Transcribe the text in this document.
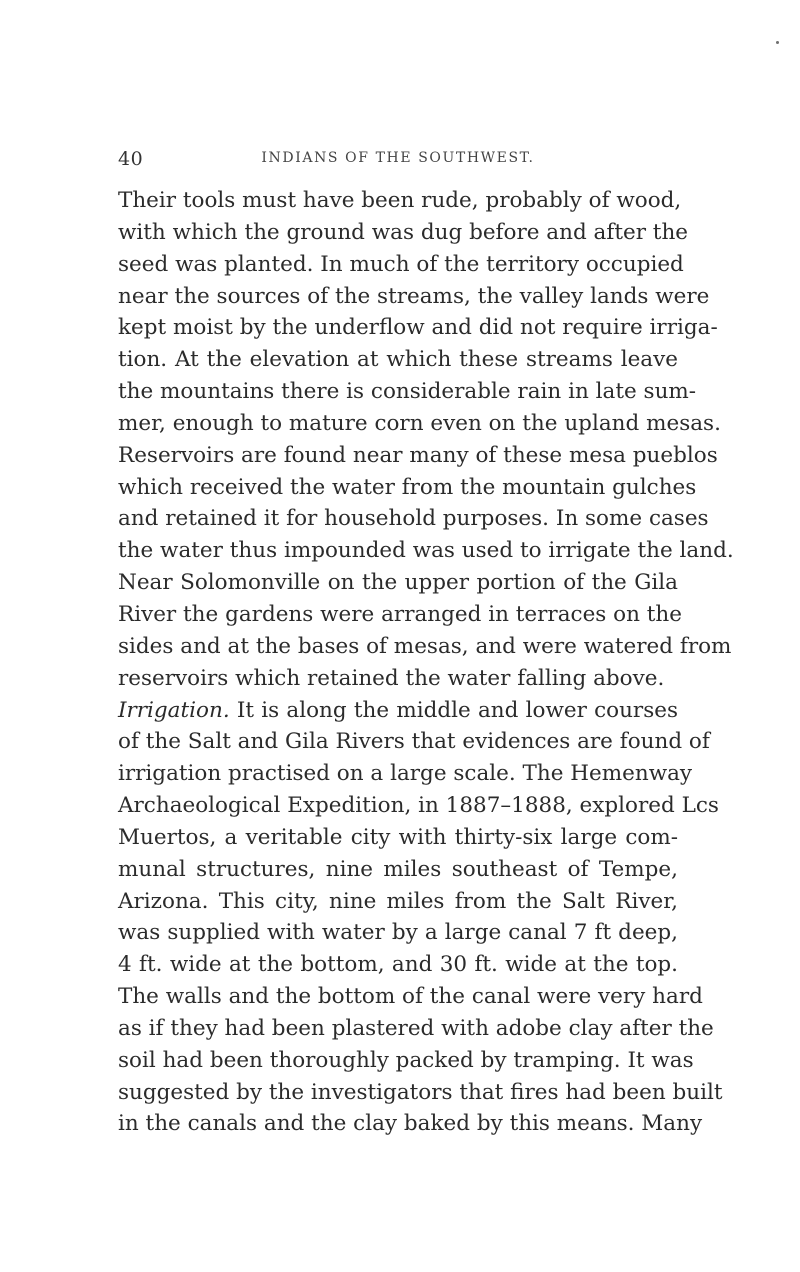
40	INDIANS OF THE SOUTHWEST.
Their tools must have been rude, probably of wood,
with which the ground was dug before and after the
seed was planted. In much of the territory occupied
near the sources of the streams, the valley lands were
kept moist by the underflow and did not require irriga-
tion. At the elevation at which these streams leave
the mountains there is considerable rain in late sum-
mer, enough to mature corn even on the upland mesas.
Reservoirs are found near many of these mesa pueblos
which received the water from the mountain gulches
and retained it for household purposes. In some cases
the water thus impounded was used to irrigate the land.
Near Solomonville on the upper portion of the Gila
River the gardens were arranged in terraces on the
sides and at the bases of mesas, and were watered from
reservoirs which retained the water falling above.
Irrigation. It is along the middle and lower courses
of the Salt and Gila Rivers that evidences are found of
irrigation practised on a large scale. The Hemenway
Archaeological Expedition, in 1887–1888, explored Lcs
Muertos, a veritable city with thirty-six large com-
munal structures, nine miles southeast of Tempe,
Arizona. This city, nine miles from the Salt River,
was supplied with water by a large canal 7 ft deep,
4 ft. wide at the bottom, and 30 ft. wide at the top.
The walls and the bottom of the canal were very hard
as if they had been plastered with adobe clay after the
soil had been thoroughly packed by tramping. It was
suggested by the investigators that fires had been built
in the canals and the clay baked by this means. Many
